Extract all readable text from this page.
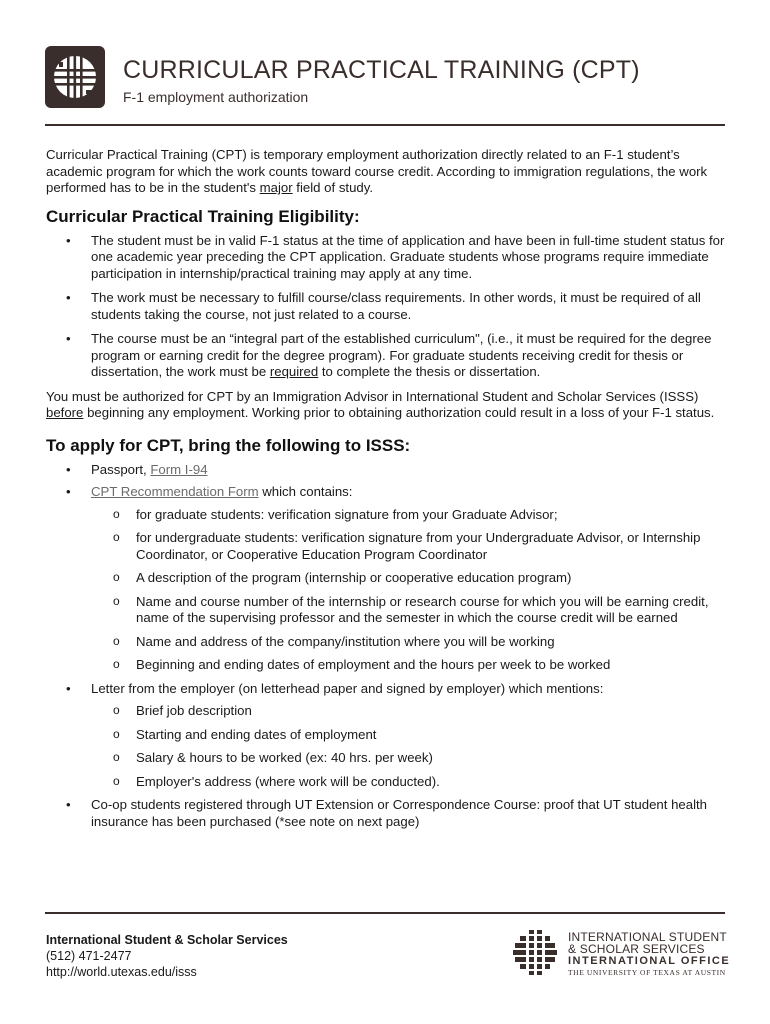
CURRICULAR PRACTICAL TRAINING (CPT)
F-1 employment authorization

Curricular Practical Training (CPT) is temporary employment authorization directly related to an F-1 student’s academic program for which the work counts toward course credit. According to immigration regulations, the work performed has to be in the student's major field of study.

Curricular Practical Training Eligibility:
• The student must be in valid F-1 status at the time of application and have been in full-time student status for one academic year preceding the CPT application. Graduate students whose programs require immediate participation in internship/practical training may apply at any time.
• The work must be necessary to fulfill course/class requirements. In other words, it must be required of all students taking the course, not just related to a course.
• The course must be an “integral part of the established curriculum", (i.e., it must be required for the degree program or earning credit for the degree program). For graduate students receiving credit for thesis or dissertation, the work must be required to complete the thesis or dissertation.

You must be authorized for CPT by an Immigration Advisor in International Student and Scholar Services (ISSS) before beginning any employment. Working prior to obtaining authorization could result in a loss of your F-1 status.

To apply for CPT, bring the following to ISSS:
• Passport, Form I-94
• CPT Recommendation Form which contains:
o for graduate students: verification signature from your Graduate Advisor;
o for undergraduate students: verification signature from your Undergraduate Advisor, or Internship Coordinator, or Cooperative Education Program Coordinator
o A description of the program (internship or cooperative education program)
o Name and course number of the internship or research course for which you will be earning credit, name of the supervising professor and the semester in which the course credit will be earned
o Name and address of the company/institution where you will be working
o Beginning and ending dates of employment and the hours per week to be worked
• Letter from the employer (on letterhead paper and signed by employer) which mentions:
o Brief job description
o Starting and ending dates of employment
o Salary & hours to be worked (ex: 40 hrs. per week)
o Employer's address (where work will be conducted).
• Co-op students registered through UT Extension or Correspondence Course: proof that UT student health insurance has been purchased (*see note on next page)
International Student & Scholar Services
(512) 471-2477
http://world.utexas.edu/isss
INTERNATIONAL STUDENT
& SCHOLAR SERVICES
INTERNATIONAL OFFICE
THE UNIVERSITY OF TEXAS AT AUSTIN
